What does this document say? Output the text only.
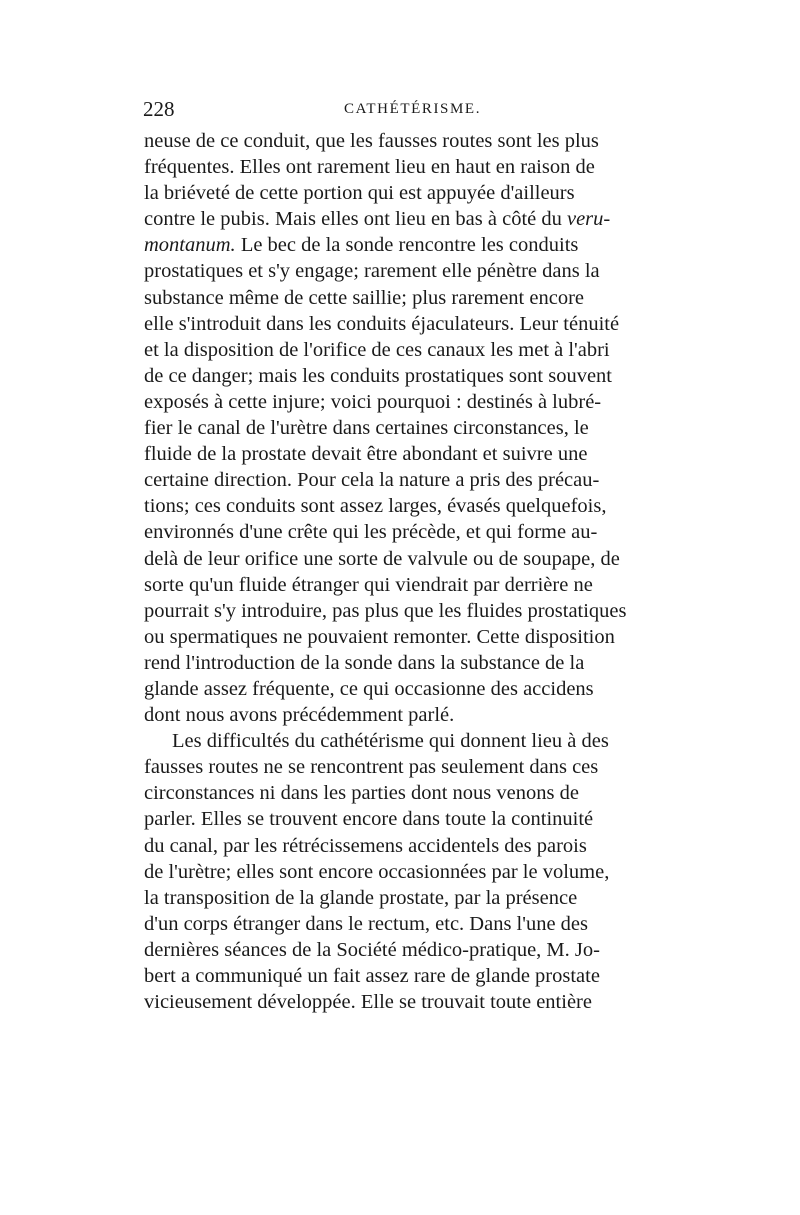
228	CATHÉTÉRISME.
neuse de ce conduit, que les fausses routes sont les plus
fréquentes. Elles ont rarement lieu en haut en raison de
la briéveté de cette portion qui est appuyée d'ailleurs
contre le pubis. Mais elles ont lieu en bas à côté du veru-
montanum. Le bec de la sonde rencontre les conduits
prostatiques et s'y engage; rarement elle pénètre dans la
substance même de cette saillie; plus rarement encore
elle s'introduit dans les conduits éjaculateurs. Leur ténuité
et la disposition de l'orifice de ces canaux les met à l'abri
de ce danger; mais les conduits prostatiques sont souvent
exposés à cette injure; voici pourquoi : destinés à lubré-
fier le canal de l'urètre dans certaines circonstances, le
fluide de la prostate devait être abondant et suivre une
certaine direction. Pour cela la nature a pris des précau-
tions; ces conduits sont assez larges, évasés quelquefois,
environnés d'une crête qui les précède, et qui forme au-
delà de leur orifice une sorte de valvule ou de soupape, de
sorte qu'un fluide étranger qui viendrait par derrière ne
pourrait s'y introduire, pas plus que les fluides prostatiques
ou spermatiques ne pouvaient remonter. Cette disposition
rend l'introduction de la sonde dans la substance de la
glande assez fréquente, ce qui occasionne des accidens
dont nous avons précédemment parlé.
Les difficultés du cathétérisme qui donnent lieu à des
fausses routes ne se rencontrent pas seulement dans ces
circonstances ni dans les parties dont nous venons de
parler. Elles se trouvent encore dans toute la continuité
du canal, par les rétrécissemens accidentels des parois
de l'urètre; elles sont encore occasionnées par le volume,
la transposition de la glande prostate, par la présence
d'un corps étranger dans le rectum, etc. Dans l'une des
dernières séances de la Société médico-pratique, M. Jo-
bert a communiqué un fait assez rare de glande prostate
vicieusement développée. Elle se trouvait toute entière
